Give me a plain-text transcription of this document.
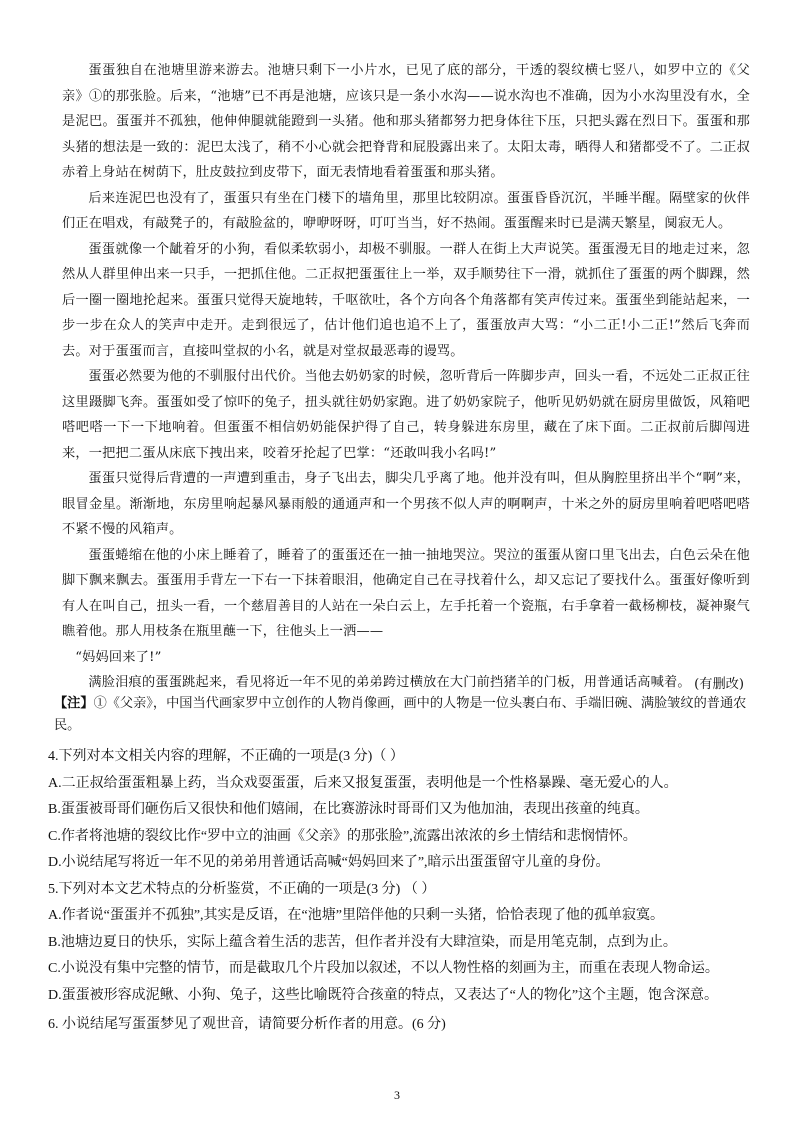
蛋蛋独自在池塘里游来游去。池塘只剩下一小片水，已见了底的部分，干透的裂纹横七竖八，如罗中立的《父亲》①的那张脸。后来，“池塘”已不再是池塘，应该只是一条小水沟——说水沟也不准确，因为小水沟里没有水，全是泥巴。蛋蛋并不孤独，他伸伸腿就能蹬到一头猪。他和那头猪都努力把身体往下压，只把头露在烈日下。蛋蛋和那头猪的想法是一致的：泥巴太浅了，稍不小心就会把脊背和屁股露出来了。太阳太毒，晒得人和猪都受不了。二正叔赤着上身站在树荫下，肚皮鼓拉到皮带下，面无表情地看着蛋蛋和那头猪。

后来连泥巴也没有了，蛋蛋只有坐在门楼下的墙角里，那里比较阴凉。蛋蛋昏昏沉沉，半睡半醒。隔壁家的伙伴们正在唱戏，有敲凳子的，有敲脸盆的，咿咿呀呀，叮叮当当，好不热闹。蛋蛋醒来时已是满天繁星，阒寂无人。

蛋蛋就像一个龇着牙的小狗，看似柔软弱小，却极不驯服。一群人在街上大声说笑。蛋蛋漫无目的地走过来，忽然从人群里伸出来一只手，一把抓住他。二正叔把蛋蛋往上一举，双手顺势往下一滑，就抓住了蛋蛋的两个脚踝，然后一圈一圈地抡起来。蛋蛋只觉得天旋地转，千呕欲吐，各个方向各个角落都有笑声传过来。蛋蛋坐到能站起来，一步一步在众人的笑声中走开。走到很远了，估计他们追也追不上了，蛋蛋放声大骂：“小二正!小二正!”然后飞奔而去。对于蛋蛋而言，直接叫堂叔的小名，就是对堂叔最恶毒的谩骂。

蛋蛋必然要为他的不驯服付出代价。当他去奶奶家的时候，忽听背后一阵脚步声，回头一看，不远处二正叔正往这里蹑脚飞奔。蛋蛋如受了惊吓的兔子，扭头就往奶奶家跑。进了奶奶家院子，他听见奶奶就在厨房里做饭，风箱吧嗒吧嗒一下一下地响着。但蛋蛋不相信奶奶能保护得了自己，转身躲进东房里，藏在了床下面。二正叔前后脚闯进来，一把把二蛋从床底下拽出来，咬着牙抡起了巴掌：“还敢叫我小名吗!”

蛋蛋只觉得后背遭的一声遭到重击，身子飞出去，脚尖几乎离了地。他并没有叫，但从胸腔里挤出半个“啊”来，眼冒金星。渐渐地，东房里响起暴风暴雨般的通通声和一个男孩不似人声的啊啊声，十米之外的厨房里响着吧嗒吧嗒不紧不慢的风箱声。

蛋蛋蜷缩在他的小床上睡着了，睡着了的蛋蛋还在一抽一抽地哭泣。哭泣的蛋蛋从窗口里飞出去，白色云朵在他脚下飘来飘去。蛋蛋用手背左一下右一下抹着眼泪，他确定自己在寻找着什么，却又忘记了要找什么。蛋蛋好像听到有人在叫自己，扭头一看，一个慈眉善目的人站在一朵白云上，左手托着一个瓷瓶，右手拿着一截杨柳枝，凝神聚气瞧着他。那人用枝条在瓶里蘸一下，往他头上一洒——

“妈妈回来了!”

满脸泪痕的蛋蛋跳起来，看见将近一年不见的弟弟跨过横放在大门前挡猪羊的门板，用普通话高喊着。 (有删改)
【注】①《父亲》，中国当代画家罗中立创作的人物肖像画，画中的人物是一位头裹白布、手端旧碗、满脸皱纹的普通农民。
4.下列对本文相关内容的理解，不正确的一项是(3 分)（ ）
A.二正叔给蛋蛋粗暴上药，当众戏耍蛋蛋，后来又报复蛋蛋，表明他是一个性格暴躁、毫无爱心的人。
B.蛋蛋被哥哥们砸伤后又很快和他们嬉闹，在比赛游泳时哥哥们又为他加油，表现出孩童的纯真。
C.作者将池塘的裂纹比作“罗中立的油画《父亲》的那张脸”,流露出浓浓的乡土情结和悲悯情怀。
D.小说结尾写将近一年不见的弟弟用普通话高喊“妈妈回来了”,暗示出蛋蛋留守儿童的身份。
5.下列对本文艺术特点的分析鉴赏，不正确的一项是(3 分) （ ）
A.作者说“蛋蛋并不孤独”,其实是反语，在“池塘”里陪伴他的只剩一头猪，恰恰表现了他的孤单寂寞。
B.池塘边夏日的快乐，实际上蕴含着生活的悲苦，但作者并没有大肆渲染，而是用笔克制，点到为止。
C.小说没有集中完整的情节，而是截取几个片段加以叙述，不以人物性格的刻画为主，而重在表现人物命运。
D.蛋蛋被形容成泥鳅、小狗、兔子，这些比喻既符合孩童的特点，又表达了“人的物化”这个主题，饱含深意。
6. 小说结尾写蛋蛋梦见了观世音，请简要分析作者的用意。(6 分)
3
